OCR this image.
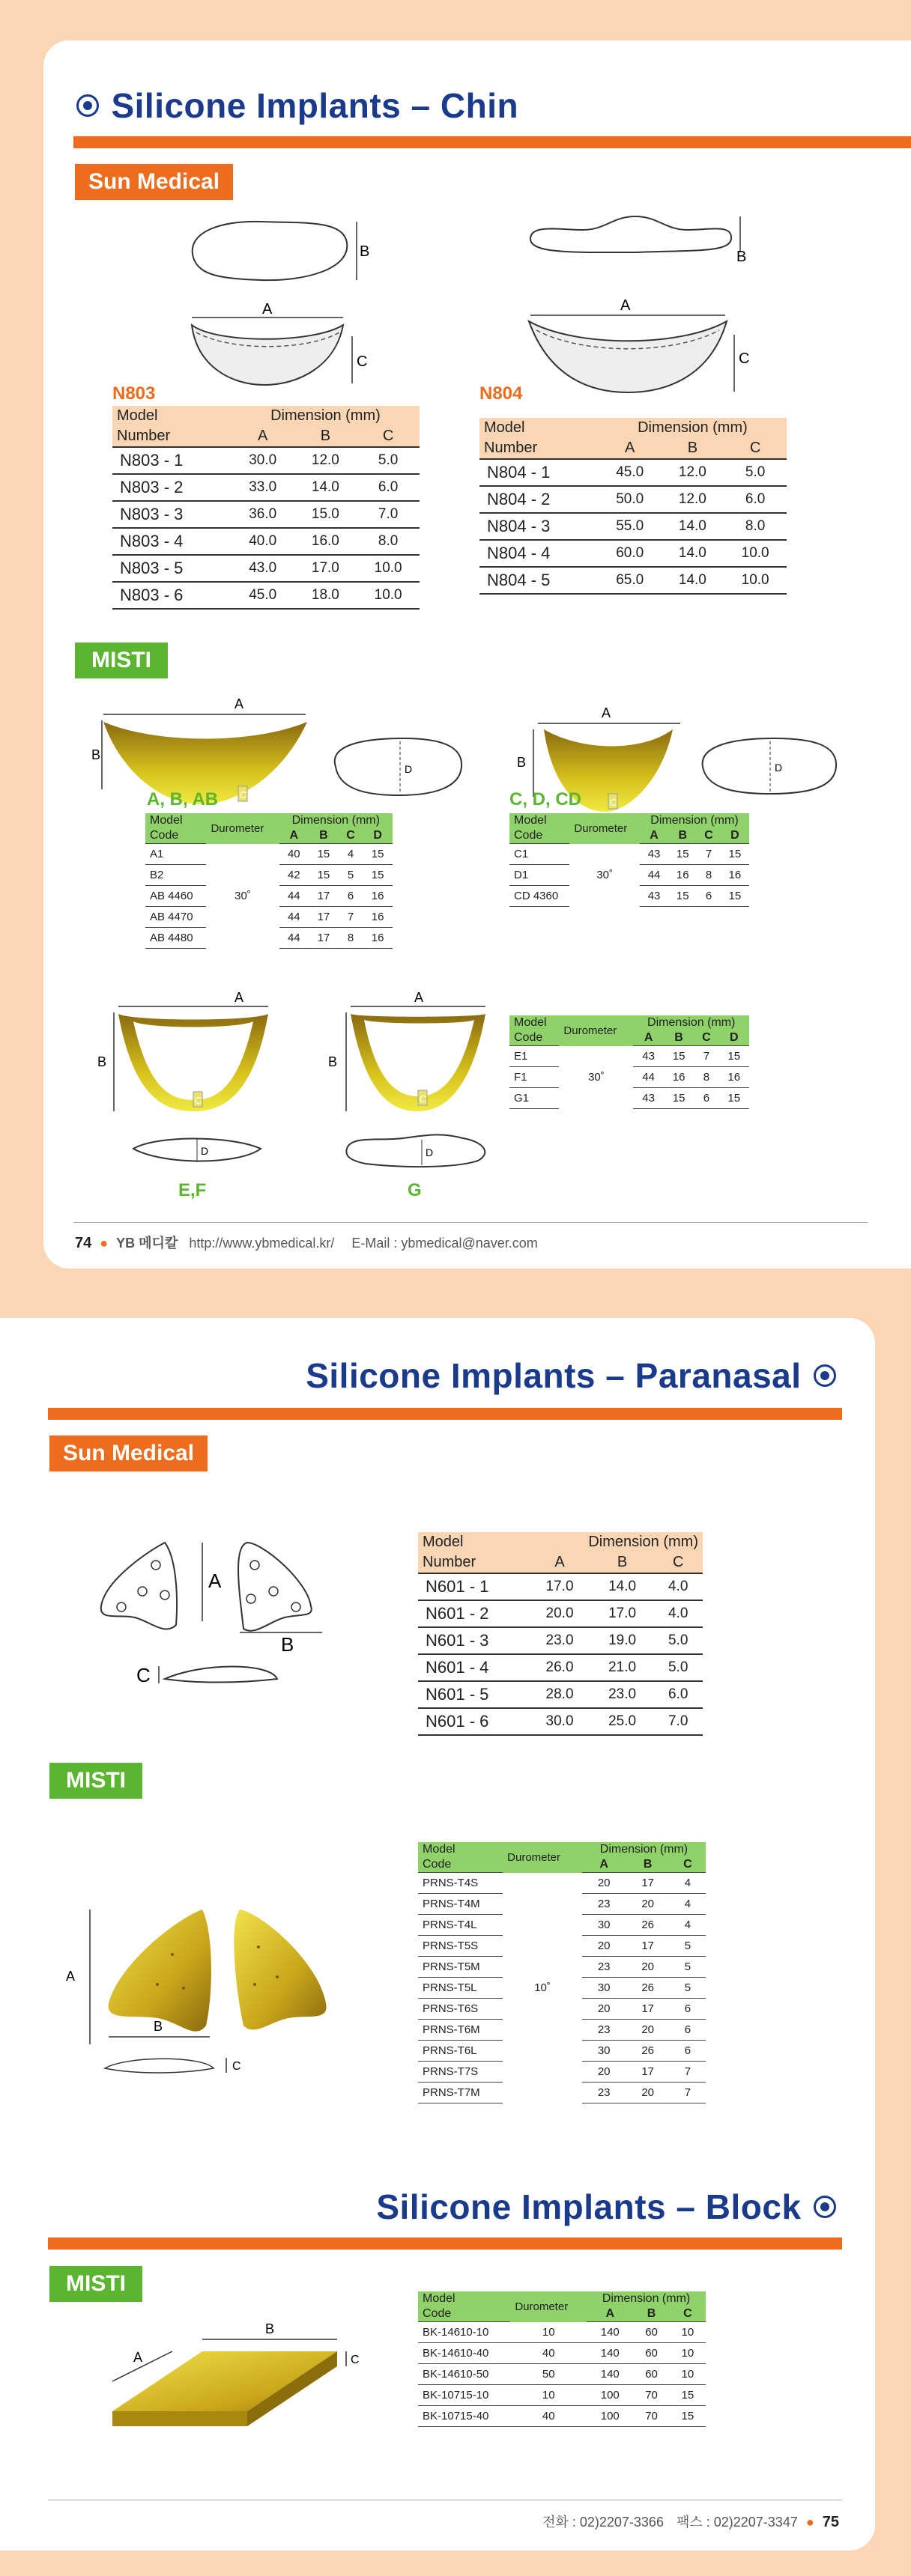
Silicone Implants – Chin
Sun Medical
B
A
C
B
A
C
N803	N804
Model	Dimension (mm)		
Number	A	B	C
N803 - 1	30.0	12.0	5.0
N803 - 2	33.0	14.0	6.0
N803 - 3	36.0	15.0	7.0
N803 - 4	40.0	16.0	8.0
N803 - 5	43.0	17.0	10.0
N803 - 6	45.0	18.0	10.0
Model	Dimension (mm)		
Number	A	B	C
N804 - 1	45.0	12.0	5.0
N804 - 2	50.0	12.0	6.0
N804 - 3	55.0	14.0	8.0
N804 - 4	60.0	14.0	10.0
N804 - 5	65.0	14.0	10.0
MISTI
A
B
C
D
A
B
C
D
A, B, AB	C, D, CD
Model	Durometer	Dimension (mm)			
Code		A	B	C	D
A1	30˚	40	15	4	15
B2		42	15	5	15
AB 4460		44	17	6	16
AB 4470		44	17	7	16
AB 4480		44	17	8	16
Model	Durometer	Dimension (mm)			
Code		A	B	C	D
C1	30˚	43	15	7	15
D1		44	16	8	16
CD 4360		43	15	6	15
A
B
C
D
A
B
C
D
E,F	G
Model	Durometer	Dimension (mm)			
Code		A	B	C	D
E1	30˚	43	15	7	15
F1		44	16	8	16
G1		43	15	6	15
74 ● YB 메디칼 http://www.ybmedical.kr/ E-Mail : ybmedical@naver.com
Silicone Implants – Paranasal
Sun Medical
A
B
C
Model	Dimension (mm)		
Number	A	B	C
N601 - 1	17.0	14.0	4.0
N601 - 2	20.0	17.0	4.0
N601 - 3	23.0	19.0	5.0
N601 - 4	26.0	21.0	5.0
N601 - 5	28.0	23.0	6.0
N601 - 6	30.0	25.0	7.0
MISTI
A
B
C
Model	Durometer	Dimension (mm)		
Code		A	B	C
PRNS-T4S	10˚	20	17	4
PRNS-T4M		23	20	4
PRNS-T4L		30	26	4
PRNS-T5S		20	17	5
PRNS-T5M		23	20	5
PRNS-T5L		30	26	5
PRNS-T6S		20	17	6
PRNS-T6M		23	20	6
PRNS-T6L		30	26	6
PRNS-T7S		20	17	7
PRNS-T7M		23	20	7
Silicone Implants – Block
MISTI
B
A	C
Model	Durometer	Dimension (mm)		
Code		A	B	C
BK-14610-10	10	140	60	10
BK-14610-40	40	140	60	10
BK-14610-50	50	140	60	10
BK-10715-10	10	100	70	15
BK-10715-40	40	100	70	15
전화 : 02)2207-3366 팩스 : 02)2207-3347 ● 75
